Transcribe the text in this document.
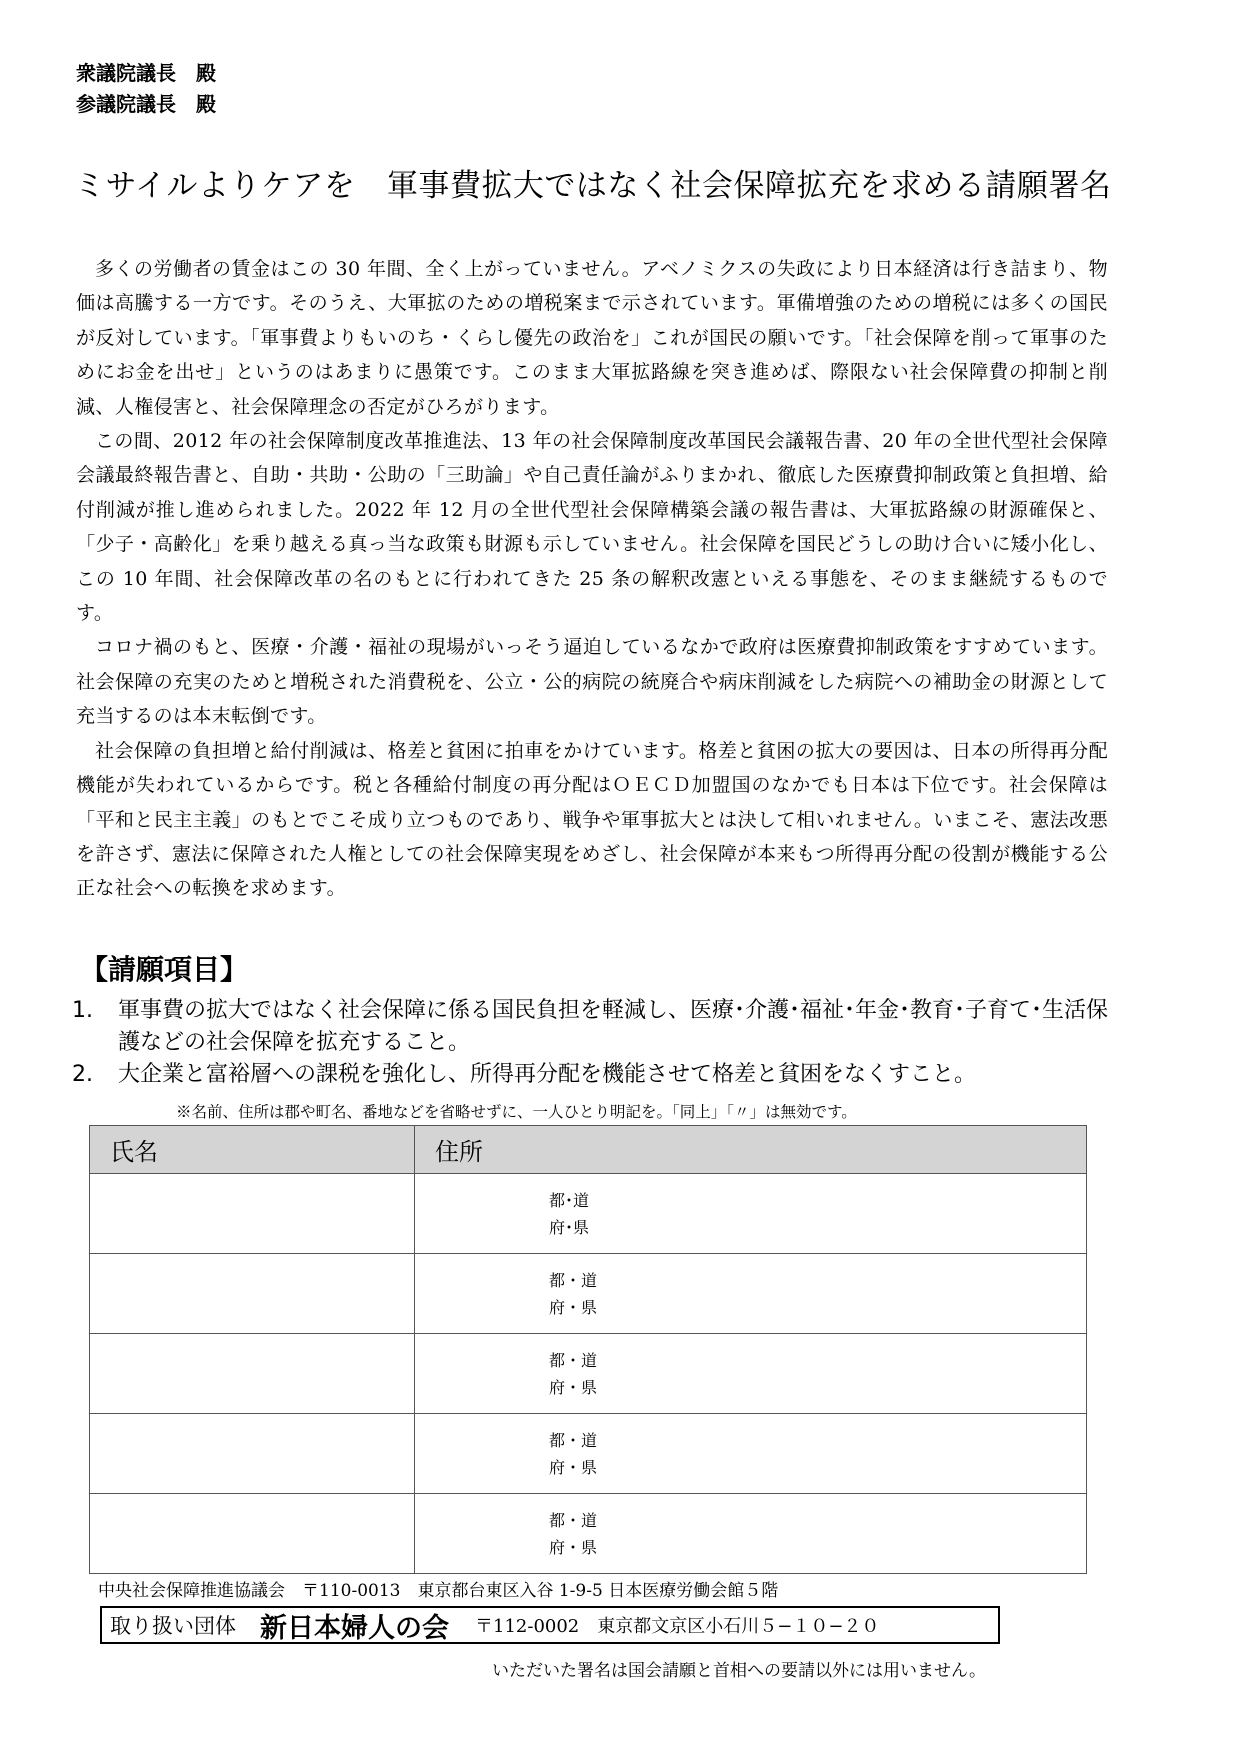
衆議院議長　殿
参議院議長　殿
ミサイルよりケアを　軍事費拡大ではなく社会保障拡充を求める請願署名

多くの労働者の賃金はこの 30 年間、全く上がっていません。アベノミクスの失政により日本経済は行き詰まり、物価は高騰する一方です。そのうえ、大軍拡のための増税案まで示されています。軍備増強のための増税には多くの国民が反対しています。「軍事費よりもいのち・くらし優先の政治を」これが国民の願いです。「社会保障を削って軍事のためにお金を出せ」というのはあまりに愚策です。このまま大軍拡路線を突き進めば、際限ない社会保障費の抑制と削減、人権侵害と、社会保障理念の否定がひろがります。

この間、2012 年の社会保障制度改革推進法、13 年の社会保障制度改革国民会議報告書、20 年の全世代型社会保障会議最終報告書と、自助・共助・公助の「三助論」や自己責任論がふりまかれ、徹底した医療費抑制政策と負担増、給付削減が推し進められました。2022 年 12 月の全世代型社会保障構築会議の報告書は、大軍拡路線の財源確保と、「少子・高齢化」を乗り越える真っ当な政策も財源も示していません。社会保障を国民どうしの助け合いに矮小化し、この 10 年間、社会保障改革の名のもとに行われてきた 25 条の解釈改憲といえる事態を、そのまま継続するものです。

コロナ禍のもと、医療・介護・福祉の現場がいっそう逼迫しているなかで政府は医療費抑制政策をすすめています。社会保障の充実のためと増税された消費税を、公立・公的病院の統廃合や病床削減をした病院への補助金の財源として充当するのは本末転倒です。

社会保障の負担増と給付削減は、格差と貧困に拍車をかけています。格差と貧困の拡大の要因は、日本の所得再分配機能が失われているからです。税と各種給付制度の再分配はＯＥＣＤ加盟国のなかでも日本は下位です。社会保障は「平和と民主主義」のもとでこそ成り立つものであり、戦争や軍事拡大とは決して相いれません。いまこそ、憲法改悪を許さず、憲法に保障された人権としての社会保障実現をめざし、社会保障が本来もつ所得再分配の役割が機能する公正な社会への転換を求めます。

【請願項目】
1.	軍事費の拡大ではなく社会保障に係る国民負担を軽減し、医療･介護･福祉･年金･教育･子育て･生活保護などの社会保障を拡充すること。
2.	大企業と富裕層への課税を強化し、所得再分配を機能させて格差と貧困をなくすこと。
※名前、住所は郡や町名、番地などを省略せずに、一人ひとり明記を。「同上」「〃」は無効です。
氏名	住所

	都･道
府･県

	都・道
府・県

	都・道
府・県

	都・道
府・県

	都・道
府・県
中央社会保障推進協議会　〒110-0013　東京都台東区入谷 1-9-5 日本医療労働会館５階
取り扱い団体 新日本婦人の会 〒112-0002　東京都文京区小石川５−１０−２０
いただいた署名は国会請願と首相への要請以外には用いません。
